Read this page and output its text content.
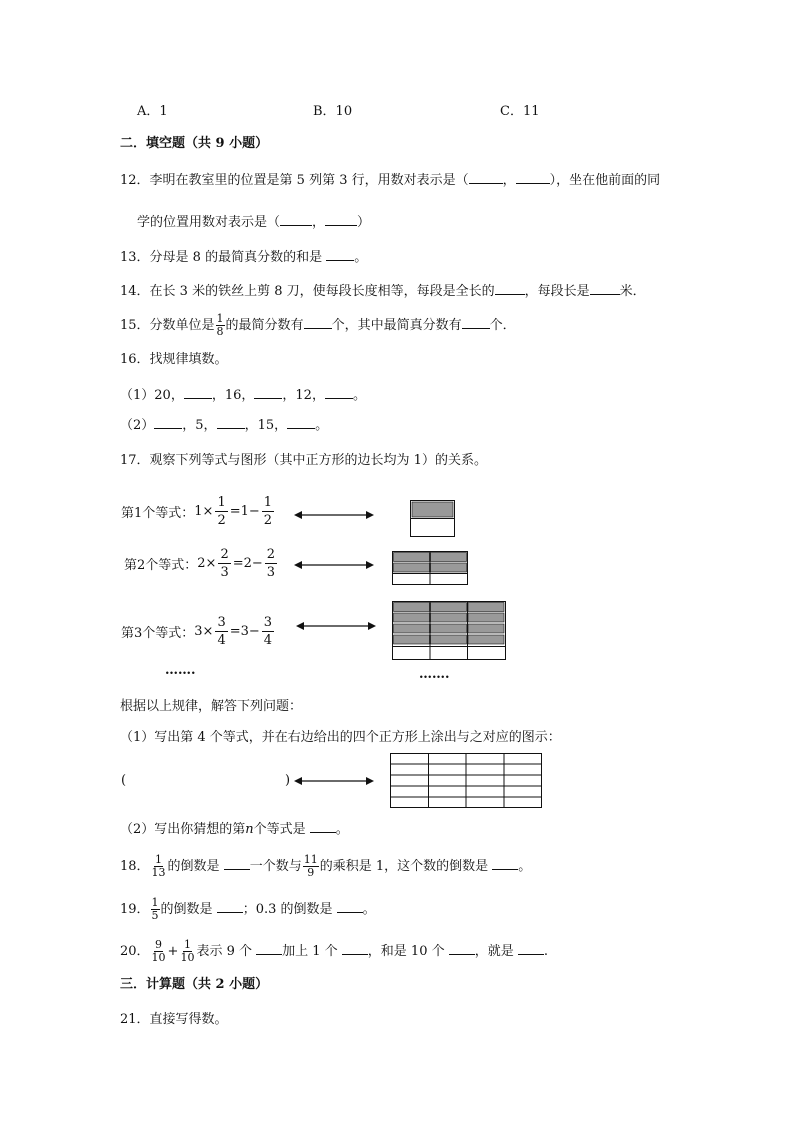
A．1	B．10	C．11
二．填空题（共 9 小题）
12．李明在教室里的位置是第 5 列第 3 行，用数对表示是（	，	），坐在他前面的同
学的位置用数对表示是（ ， ）
13．分母是 8 的最简真分数的和是 。
14．在长 3 米的铁丝上剪 8 刀，使每段长度相等，每段是全长的 ，每段长是 米．
15．分数单位是 $\frac{1}{8}$ 的最简分数有 个，其中最简真分数有 个．
16．找规律填数。
（1）20， ，16， ，12， 。
（2） ，5， ，15， 。
17．观察下列等式与图形（其中正方形的边长均为 1）的关系。
第1个等式： $1\times \frac{1}{2} =1- \frac{1}{2}$
第2个等式： $2\times \frac{2}{3} =2- \frac{2}{3}$
第3个等式： $3\times \frac{3}{4} =3- \frac{3}{4}$
…….	…….
根据以上规律，解答下列问题：
（1）写出第 4 个等式，并在右边给出的四个正方形上涂出与之对应的图示：
(	)

（2）写出你猜想的第n个等式是 。
18． $\frac{1}{13}$ 的倒数是 一个数与 $\frac{11}{9}$ 的乘积是 1，这个数的倒数是 。
19． $\frac{1}{5}$ 的倒数是 ；0.3 的倒数是 。
20． $\frac{9}{10} + \frac{1}{10}$ 表示 9 个 加上 1 个 ，和是 10 个 ，就是 .
三．计算题（共 2 小题）
21．直接写得数。
